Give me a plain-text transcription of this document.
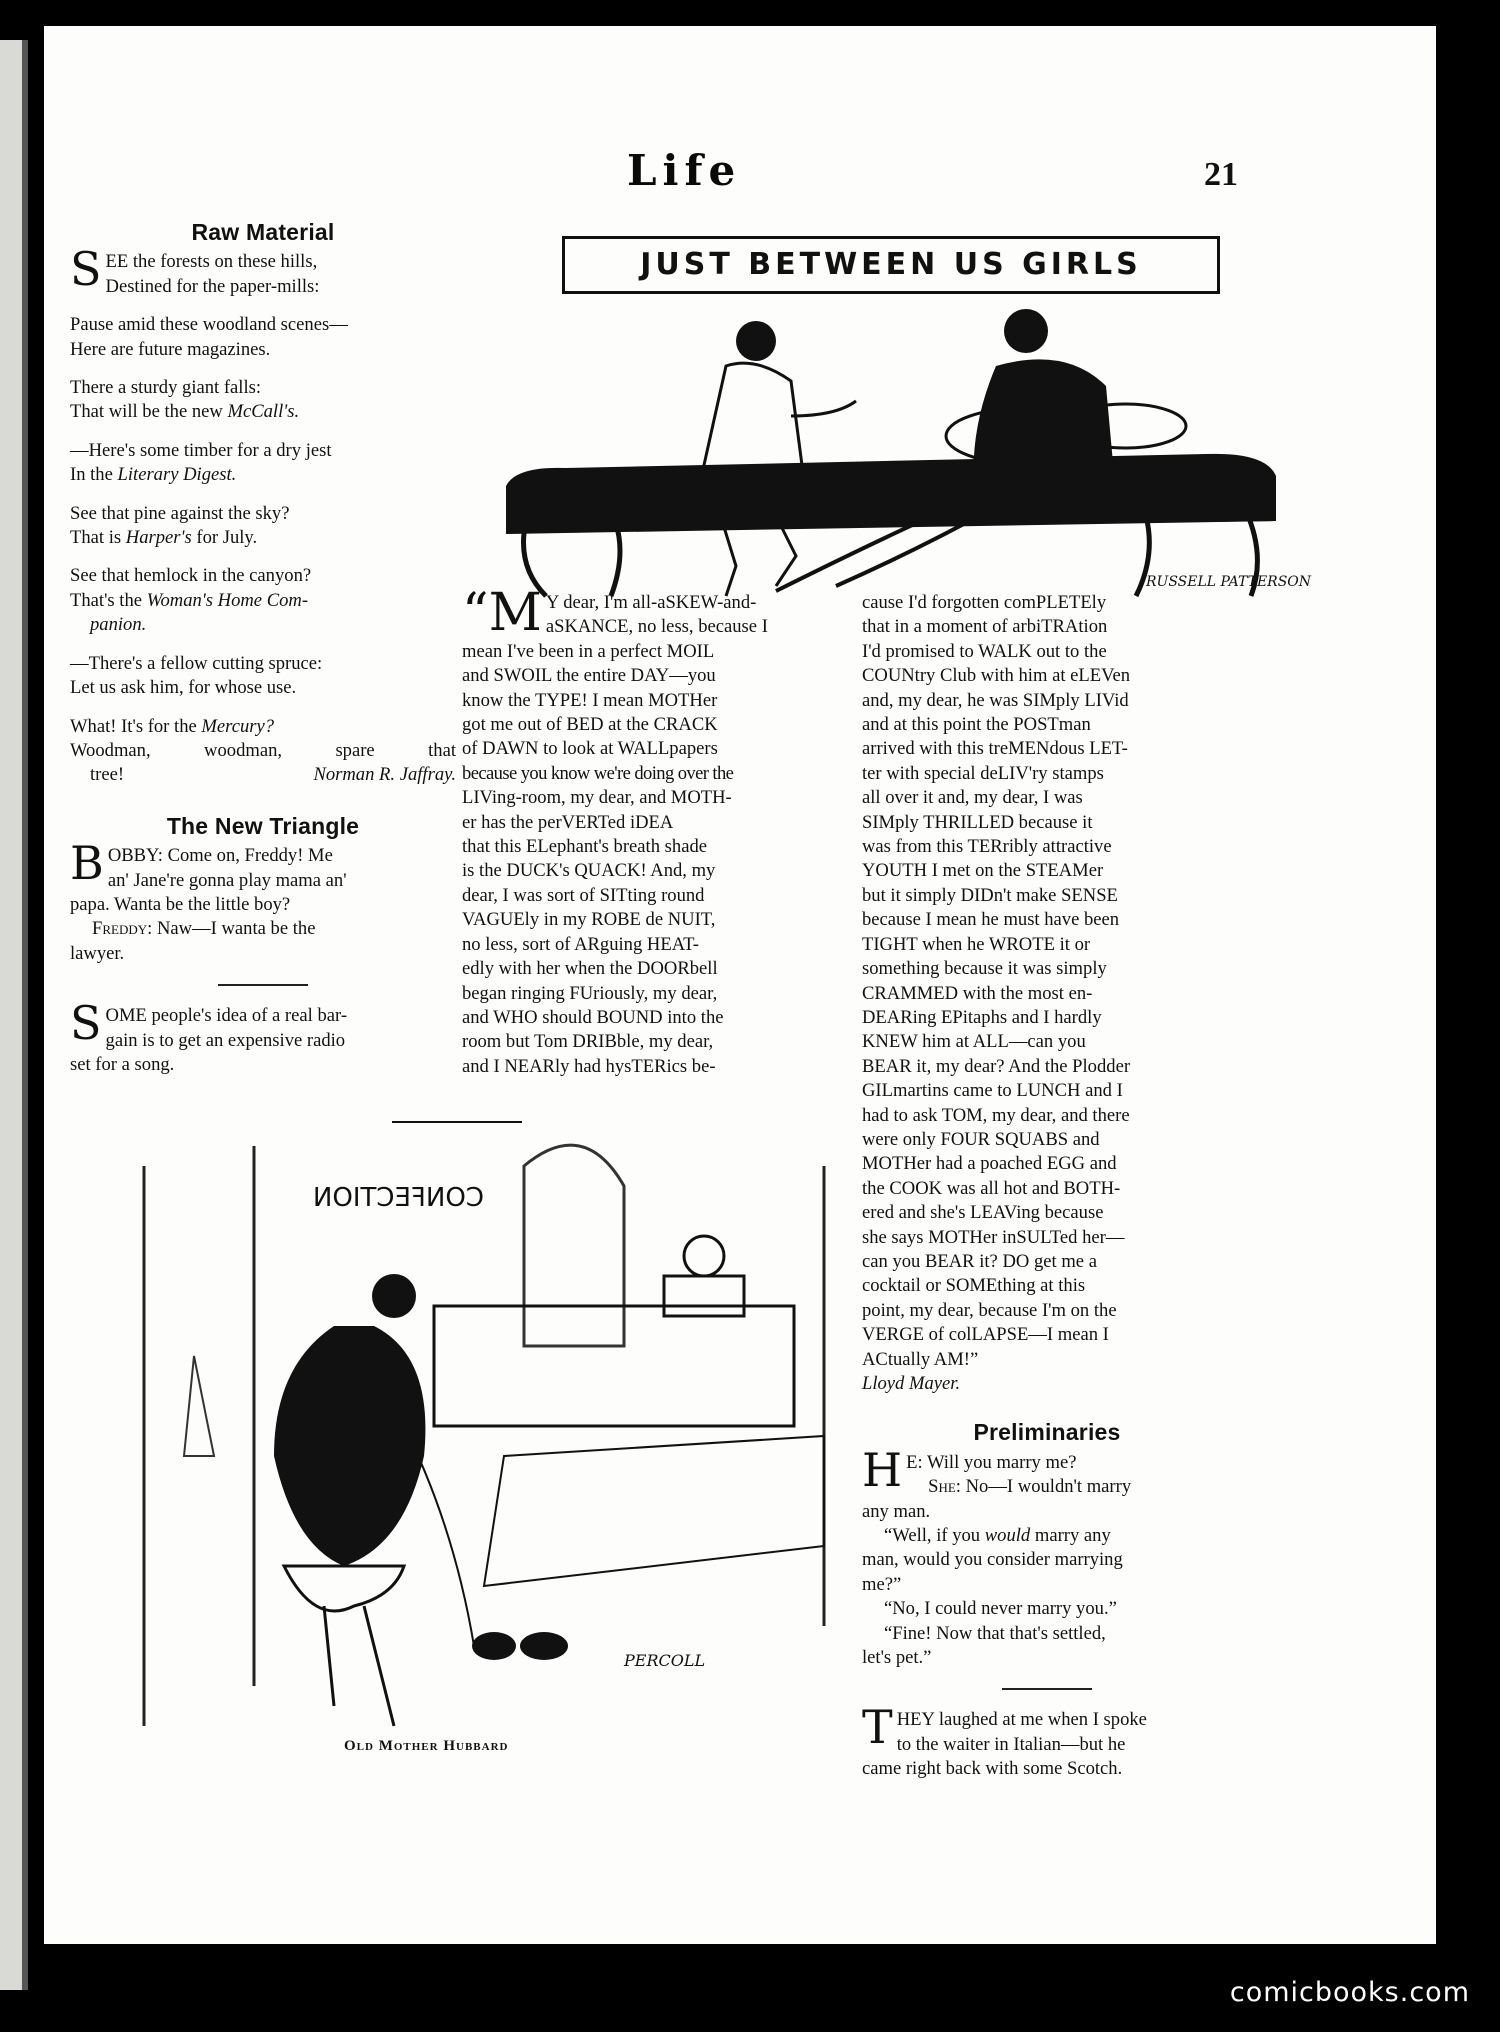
Life	21
Raw Material

SEE the forests on these hills,

Destined for the paper-mills:

Pause amid these woodland scenes—

Here are future magazines.

There a sturdy giant falls:

That will be the new McCall's.

—Here's some timber for a dry jest

In the Literary Digest.

See that pine against the sky?

That is Harper's for July.

See that hemlock in the canyon?

That's the Woman's Home Com-

panion.

—There's a fellow cutting spruce:

Let us ask him, for whose use.

What! It's for the Mercury?

Woodman, woodman, spare that

tree!	Norman R. Jaffray.

The New Triangle

BOBBY: Come on, Freddy! Me

an' Jane're gonna play mama an'

papa. Wanta be the little boy?

Freddy: Naw—I wanta be the

lawyer.

SOME people's idea of a real bar-

gain is to get an expensive radio

set for a song.

JUST BETWEEN US GIRLS
RUSSELL PATTERSON

“M Y dear, I'm all-aSKEW-and-

aSKANCE, no less, because I

mean I've been in a perfect MOIL

and SWOIL the entire DAY—you

know the TYPE! I mean MOTHer

got me out of BED at the CRACK

of DAWN to look at WALLpapers

because you know we're doing over the

LIVing-room, my dear, and MOTH-

er has the perVERTed iDEA

that this ELephant's breath shade

is the DUCK's QUACK! And, my

dear, I was sort of SITting round

VAGUEly in my ROBE de NUIT,

no less, sort of ARguing HEAT-

edly with her when the DOORbell

began ringing FUriously, my dear,

and WHO should BOUND into the

room but Tom DRIBble, my dear,

and I NEARly had hysTERics be-

cause I'd forgotten comPLETEly

that in a moment of arbiTRAtion

I'd promised to WALK out to the

COUNtry Club with him at eLEVen

and, my dear, he was SIMply LIVid

and at this point the POSTman

arrived with this treMENdous LET-

ter with special deLIV'ry stamps

all over it and, my dear, I was

SIMply THRILLED because it

was from this TERribly attractive

YOUTH I met on the STEAMer

but it simply DIDn't make SENSE

because I mean he must have been

TIGHT when he WROTE it or

something because it was simply

CRAMMED with the most en-

DEARing EPitaphs and I hardly

KNEW him at ALL—can you

BEAR it, my dear? And the Plodder

GILmartins came to LUNCH and I

had to ask TOM, my dear, and there

were only FOUR SQUABS and

MOTHer had a poached EGG and

the COOK was all hot and BOTH-

ered and she's LEAVing because

she says MOTHer inSULTed her—

can you BEAR it? DO get me a

cocktail or SOMEthing at this

point, my dear, because I'm on the

VERGE of colLAPSE—I mean I

ACtually AM!”

Lloyd Mayer.

Preliminaries

H E: Will you marry me?

She: No—I wouldn't marry

any man.

“Well, if you would marry any

man, would you consider marrying

me?”

“No, I could never marry you.”

“Fine! Now that that's settled,

let's pet.”

THEY laughed at me when I spoke

to the waiter in Italian—but he

came right back with some Scotch.

CONFECTION
PERCOLL
Old Mother Hubbard
comicbooks.com
